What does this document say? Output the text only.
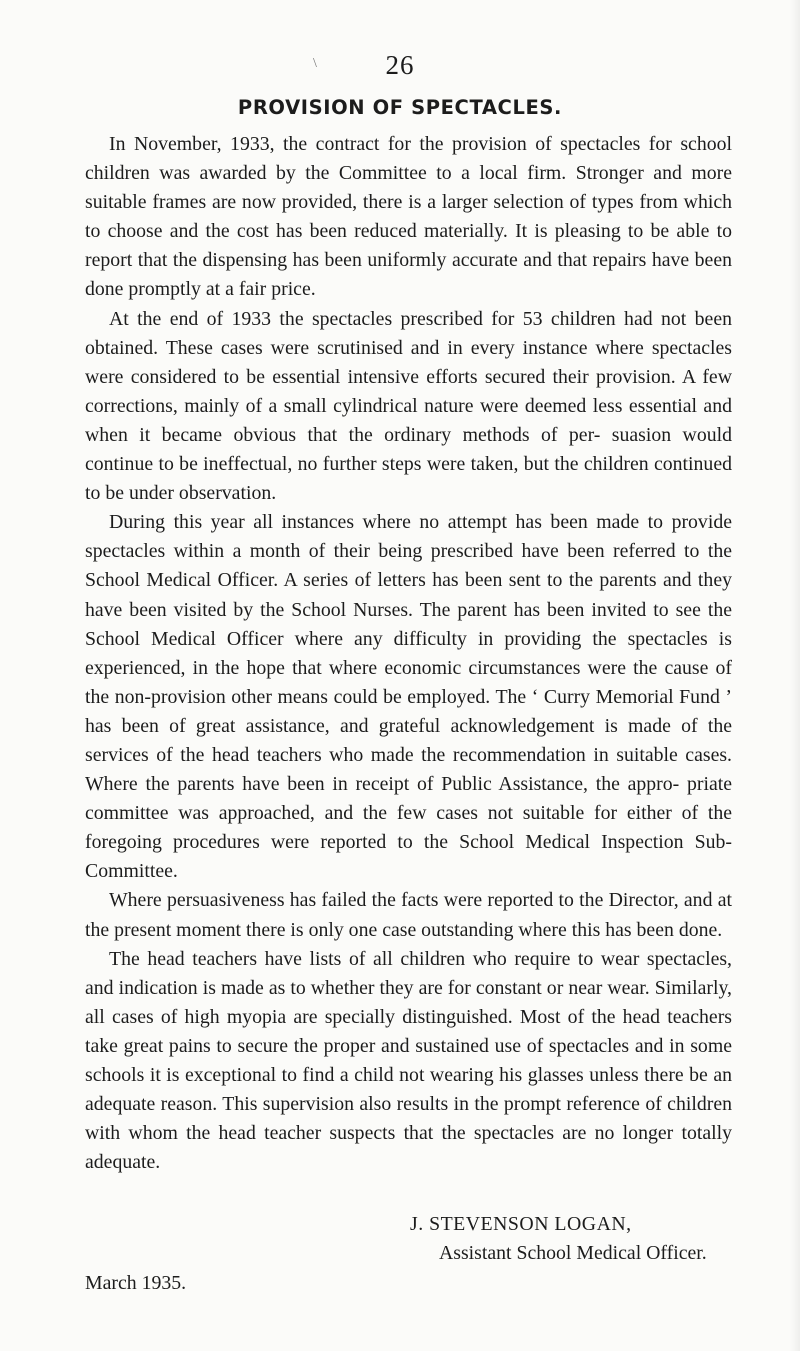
\	26
PROVISION OF SPECTACLES.

In November, 1933, the contract for the provision of spectacles for school children was awarded by the Committee to a local firm. Stronger and more suitable frames are now provided, there is a larger selection of types from which to choose and the cost has been reduced materially. It is pleasing to be able to report that the dispensing has been uniformly accurate and that repairs have been done promptly at a fair price.

At the end of 1933 the spectacles prescribed for 53 children had not been obtained. These cases were scrutinised and in every instance where spectacles were considered to be essential intensive efforts secured their provision. A few corrections, mainly of a small cylindrical nature were deemed less essential and when it became obvious that the ordinary methods of per- suasion would continue to be ineffectual, no further steps were taken, but the children continued to be under observation.

During this year all instances where no attempt has been made to provide spectacles within a month of their being prescribed have been referred to the School Medical Officer. A series of letters has been sent to the parents and they have been visited by the School Nurses. The parent has been invited to see the School Medical Officer where any difficulty in providing the spectacles is experienced, in the hope that where economic circumstances were the cause of the non-provision other means could be employed. The ‘ Curry Memorial Fund ’ has been of great assistance, and grateful acknowledgement is made of the services of the head teachers who made the recommendation in suitable cases. Where the parents have been in receipt of Public Assistance, the appro- priate committee was approached, and the few cases not suitable for either of the foregoing procedures were reported to the School Medical Inspection Sub-Committee.

Where persuasiveness has failed the facts were reported to the Director, and at the present moment there is only one case outstanding where this has been done.

The head teachers have lists of all children who require to wear spectacles, and indication is made as to whether they are for constant or near wear. Similarly, all cases of high myopia are specially distinguished. Most of the head teachers take great pains to secure the proper and sustained use of spectacles and in some schools it is exceptional to find a child not wearing his glasses unless there be an adequate reason. This supervision also results in the prompt reference of children with whom the head teacher suspects that the spectacles are no longer totally adequate.

J. STEVENSON LOGAN,
Assistant School Medical Officer.
March 1935.
